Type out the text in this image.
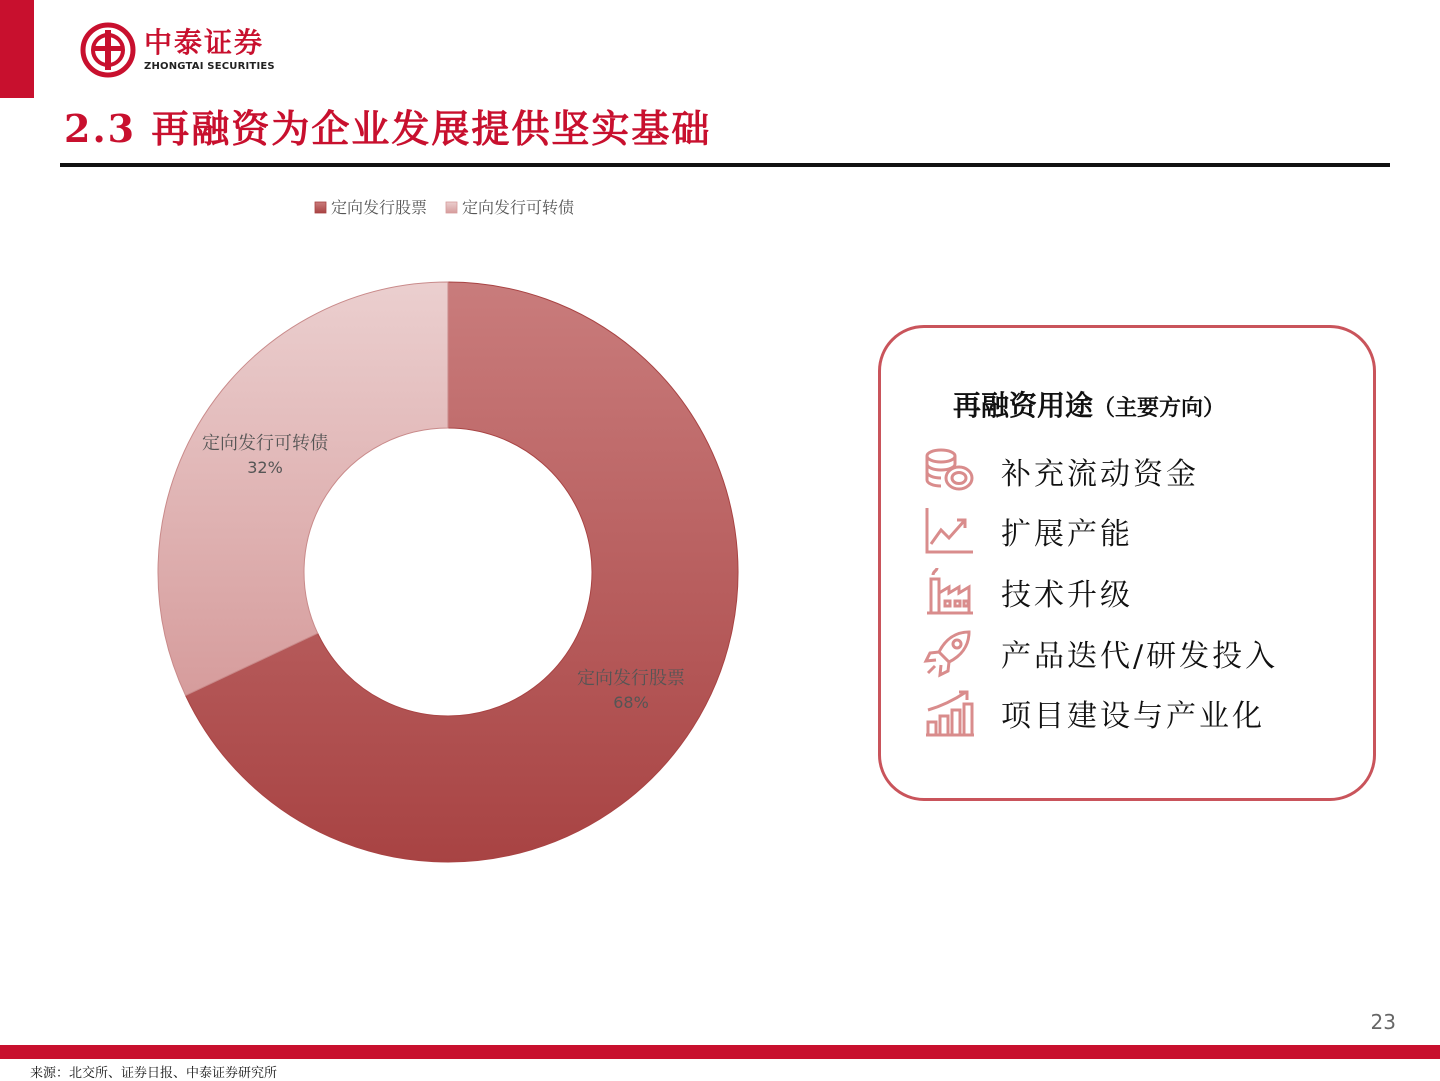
中泰证券
ZHONGTAI SECURITIES
2.3 再融资为企业发展提供坚实基础
定向发行股票 定向发行可转债
定向发行股票
68%
定向发行可转债
32%
再融资用途（主要方向）
补充流动资金
扩展产能
技术升级
产品迭代/研发投入
项目建设与产业化
23
来源：北交所、证券日报、中泰证券研究所
